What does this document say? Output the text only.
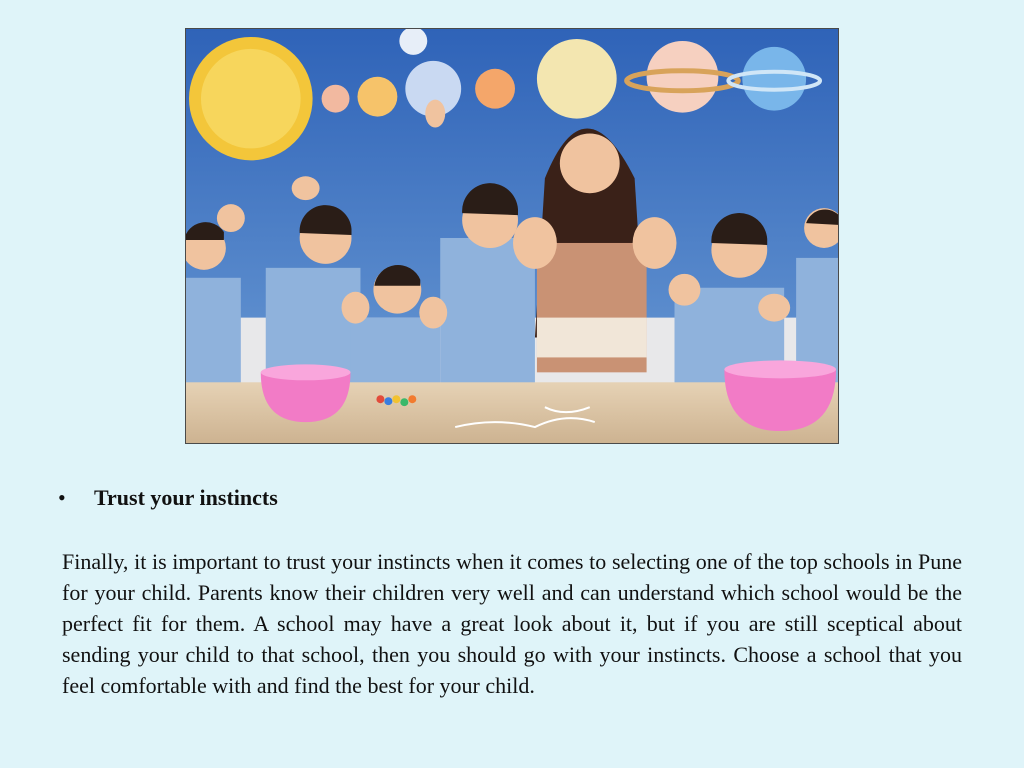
•	Trust your instincts

Finally, it is important to trust your instincts when it comes to selecting one of the top schools in Pune for your child. Parents know their children very well and can understand which school would be the perfect fit for them. A school may have a great look about it, but if you are still sceptical about sending your child to that school, then you should go with your instincts. Choose a school that you feel comfortable with and find the best for your child.
